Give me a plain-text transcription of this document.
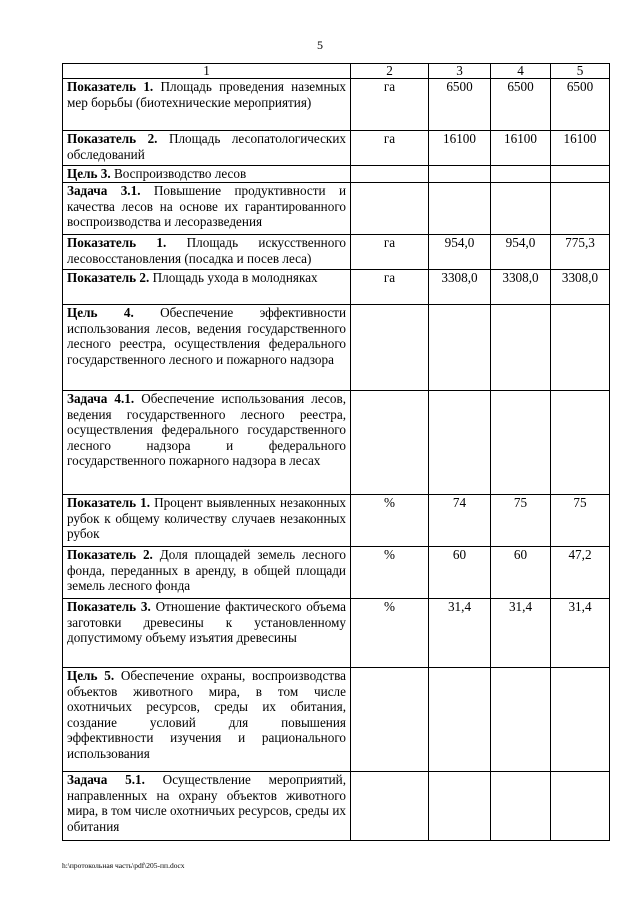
5
1	2	3	4	5
Показатель 1. Площадь проведения наземных мер борьбы (биотехнические мероприятия)	га	6500	6500	6500
Показатель 2. Площадь лесопатологических обследований	га	16100	16100	16100
Цель 3. Воспроизводство лесов				
Задача 3.1. Повышение продуктивности и качества лесов на основе их гарантированного воспроизводства и лесоразведения				
Показатель 1. Площадь искусственного лесовосстановления (посадка и посев леса)	га	954,0	954,0	775,3
Показатель 2. Площадь ухода в молодняках	га	3308,0	3308,0	3308,0
Цель 4. Обеспечение эффективности использования лесов, ведения государственного лесного реестра, осуществления федерального государственного лесного и пожарного надзора				
Задача 4.1. Обеспечение использования лесов, ведения государственного лесного реестра, осуществления федерального государственного лесного надзора и федерального государственного пожарного надзора в лесах				
Показатель 1. Процент выявленных незаконных рубок к общему количеству случаев незаконных рубок	%	74	75	75
Показатель 2. Доля площадей земель лесного фонда, переданных в аренду, в общей площади земель лесного фонда	%	60	60	47,2
Показатель 3. Отношение фактического объема заготовки древесины к установленному допустимому объему изъятия древесины	%	31,4	31,4	31,4
Цель 5. Обеспечение охраны, воспроизводства объектов животного мира, в том числе охотничьих ресурсов, среды их обитания, создание условий для повышения эффективности изучения и рационального использования				
Задача 5.1. Осуществление мероприятий, направленных на охрану объектов животного мира, в том числе охотничьих ресурсов, среды их обитания				
h:\протокольная часть\pdf\205-пп.docx
